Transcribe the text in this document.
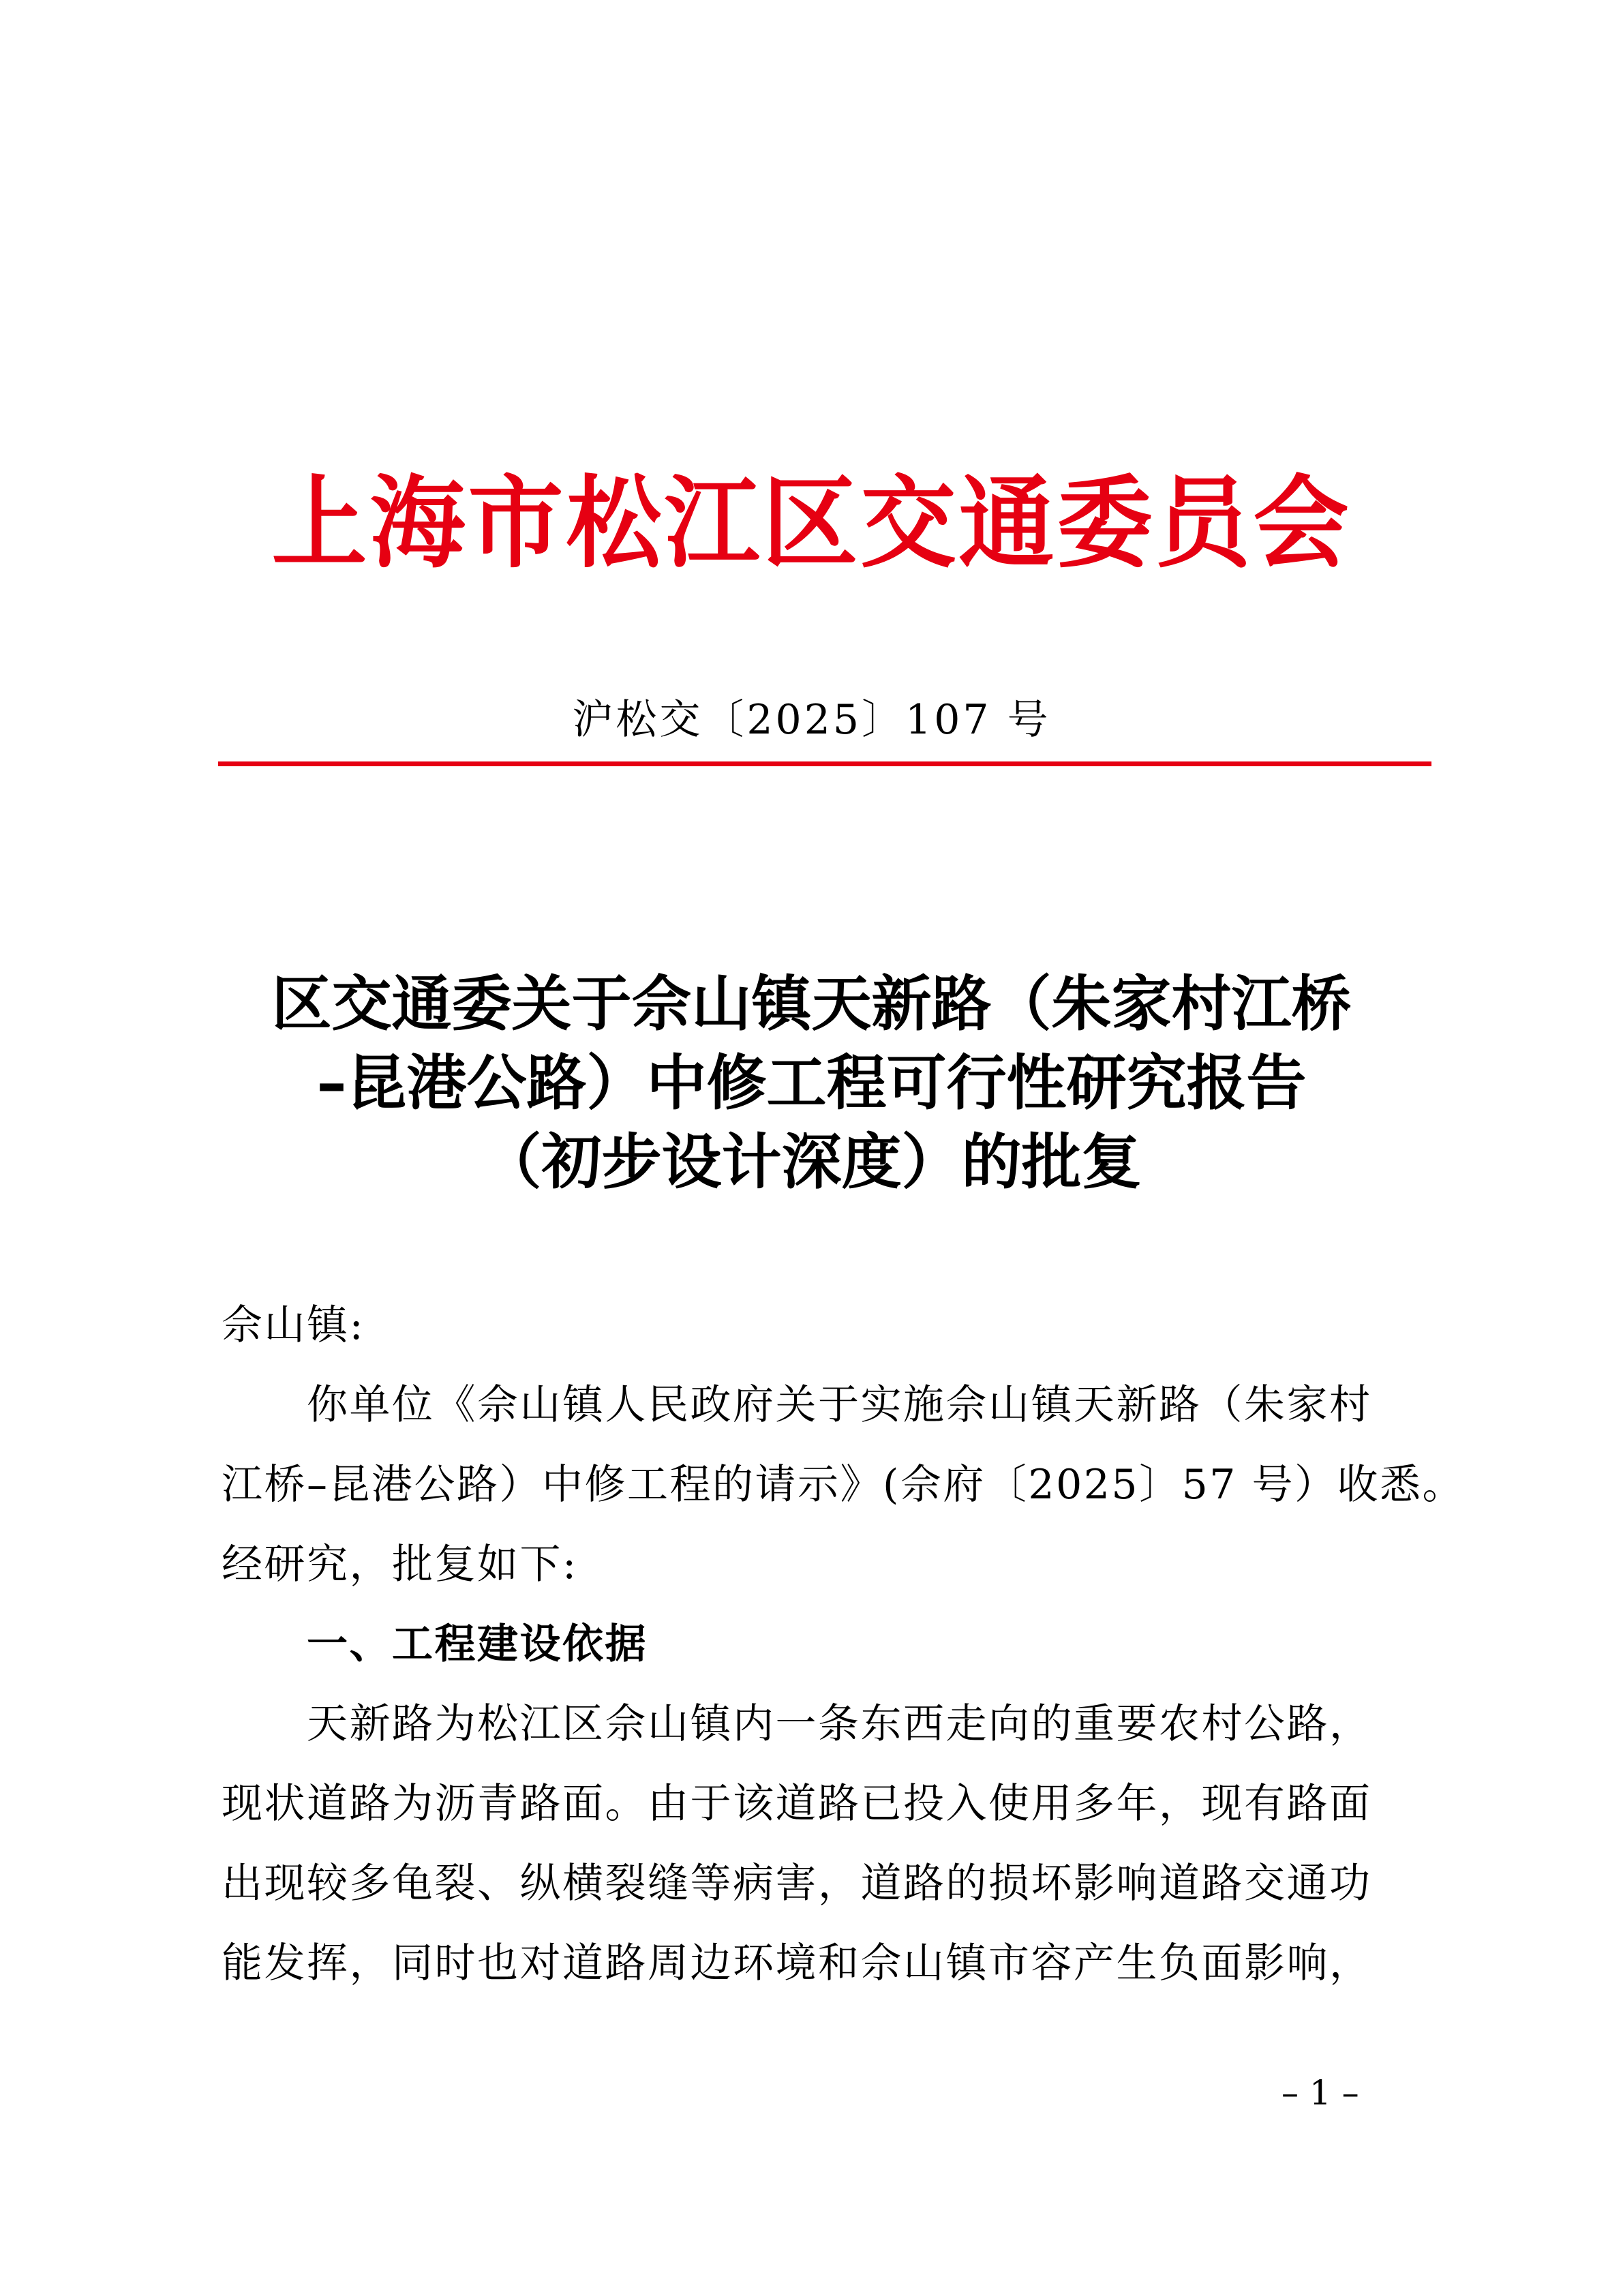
上海市松江区交通委员会
沪松交〔2025〕107 号
区交通委关于佘山镇天新路（朱家村江桥
–昆港公路）中修工程可行性研究报告
（初步设计深度）的批复
佘山镇:
你单位《佘山镇人民政府关于实施佘山镇天新路（朱家村
江桥–昆港公路）中修工程的请示》(佘府〔2025〕57 号）收悉。
经研究，批复如下:
一、工程建设依据
天新路为松江区佘山镇内一条东西走向的重要农村公路，
现状道路为沥青路面。由于该道路已投入使用多年，现有路面
出现较多龟裂、纵横裂缝等病害，道路的损坏影响道路交通功
能发挥，同时也对道路周边环境和佘山镇市容产生负面影响，
– 1 –
